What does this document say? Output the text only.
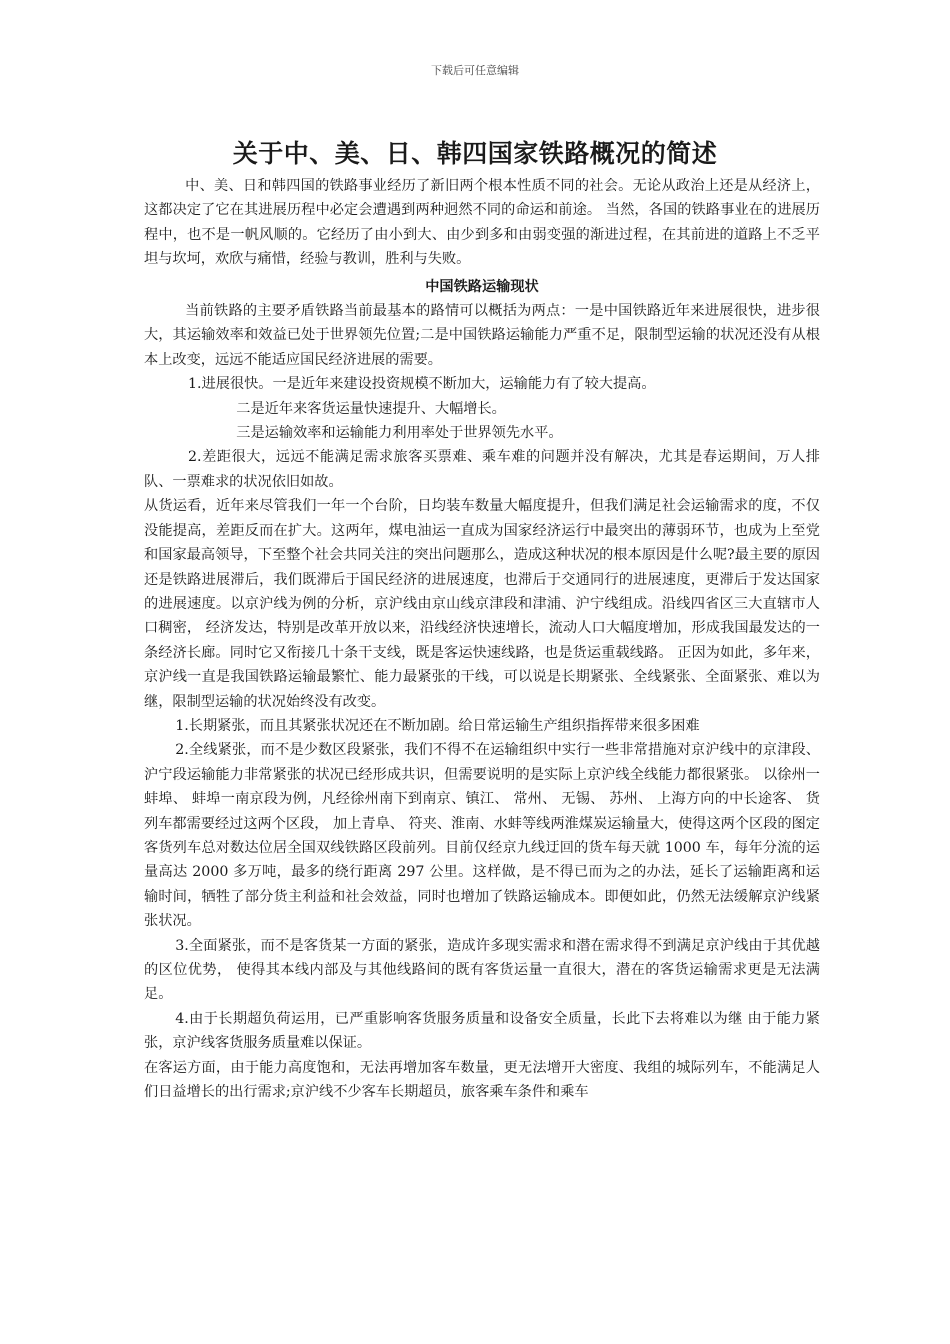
下载后可任意编辑
关于中、美、日、韩四国家铁路概况的简述

中、美、日和韩四国的铁路事业经历了新旧两个根本性质不同的社会。无论从政治上还是从经济上，这都决定了它在其进展历程中必定会遭遇到两种迥然不同的命运和前途。 当然，各国的铁路事业在的进展历程中，也不是一帆风顺的。它经历了由小到大、由少到多和由弱变强的渐进过程，在其前进的道路上不乏平坦与坎坷，欢欣与痛惜，经验与教训，胜利与失败。

中国铁路运输现状

当前铁路的主要矛盾铁路当前最基本的路情可以概括为两点：一是中国铁路近年来进展很快，进步很大，其运输效率和效益已处于世界领先位置;二是中国铁路运输能力严重不足，限制型运输的状况还没有从根本上改变，远远不能适应国民经济进展的需要。

1.进展很快。一是近年来建设投资规模不断加大，运输能力有了较大提高。

二是近年来客货运量快速提升、大幅增长。

三是运输效率和运输能力利用率处于世界领先水平。

2.差距很大，远远不能满足需求旅客买票难、乘车难的问题并没有解决，尤其是春运期间，万人排队、一票难求的状况依旧如故。

从货运看，近年来尽管我们一年一个台阶，日均装车数量大幅度提升，但我们满足社会运输需求的度，不仅没能提高，差距反而在扩大。这两年，煤电油运一直成为国家经济运行中最突出的薄弱环节，也成为上至党和国家最高领导，下至整个社会共同关注的突出问题那么，造成这种状况的根本原因是什么呢?最主要的原因还是铁路进展滞后，我们既滞后于国民经济的进展速度，也滞后于交通同行的进展速度，更滞后于发达国家的进展速度。以京沪线为例的分析，京沪线由京山线京津段和津浦、沪宁线组成。沿线四省区三大直辖市人口稠密， 经济发达，特别是改革开放以来，沿线经济快速增长，流动人口大幅度增加，形成我国最发达的一条经济长廊。同时它又衔接几十条干支线，既是客运快速线路，也是货运重载线路。 正因为如此，多年来，京沪线一直是我国铁路运输最繁忙、能力最紧张的干线，可以说是长期紧张、全线紧张、全面紧张、难以为继，限制型运输的状况始终没有改变。

1.长期紧张，而且其紧张状况还在不断加剧。给日常运输生产组织指挥带来很多困难

2.全线紧张，而不是少数区段紧张，我们不得不在运输组织中实行一些非常措施对京沪线中的京津段、沪宁段运输能力非常紧张的状况已经形成共识，但需要说明的是实际上京沪线全线能力都很紧张。 以徐州一蚌埠、 蚌埠一南京段为例，凡经徐州南下到南京、镇江、 常州、 无锡、 苏州、 上海方向的中长途客、 货列车都需要经过这两个区段， 加上青阜、 符夹、淮南、水蚌等线两淮煤炭运输量大，使得这两个区段的图定客货列车总对数达位居全国双线铁路区段前列。目前仅经京九线迂回的货车每天就 1000 车，每年分流的运量高达 2000 多万吨，最多的绕行距离 297 公里。这样做，是不得已而为之的办法，延长了运输距离和运输时间，牺牲了部分货主利益和社会效益，同时也增加了铁路运输成本。即便如此，仍然无法缓解京沪线紧张状况。

3.全面紧张，而不是客货某一方面的紧张，造成许多现实需求和潜在需求得不到满足京沪线由于其优越的区位优势， 使得其本线内部及与其他线路间的既有客货运量一直很大，潜在的客货运输需求更是无法满足。

4.由于长期超负荷运用，已严重影响客货服务质量和设备安全质量，长此下去将难以为继 由于能力紧张，京沪线客货服务质量难以保证。

在客运方面，由于能力高度饱和，无法再增加客车数量，更无法增开大密度、我组的城际列车，不能满足人们日益增长的出行需求;京沪线不少客车长期超员，旅客乘车条件和乘车
